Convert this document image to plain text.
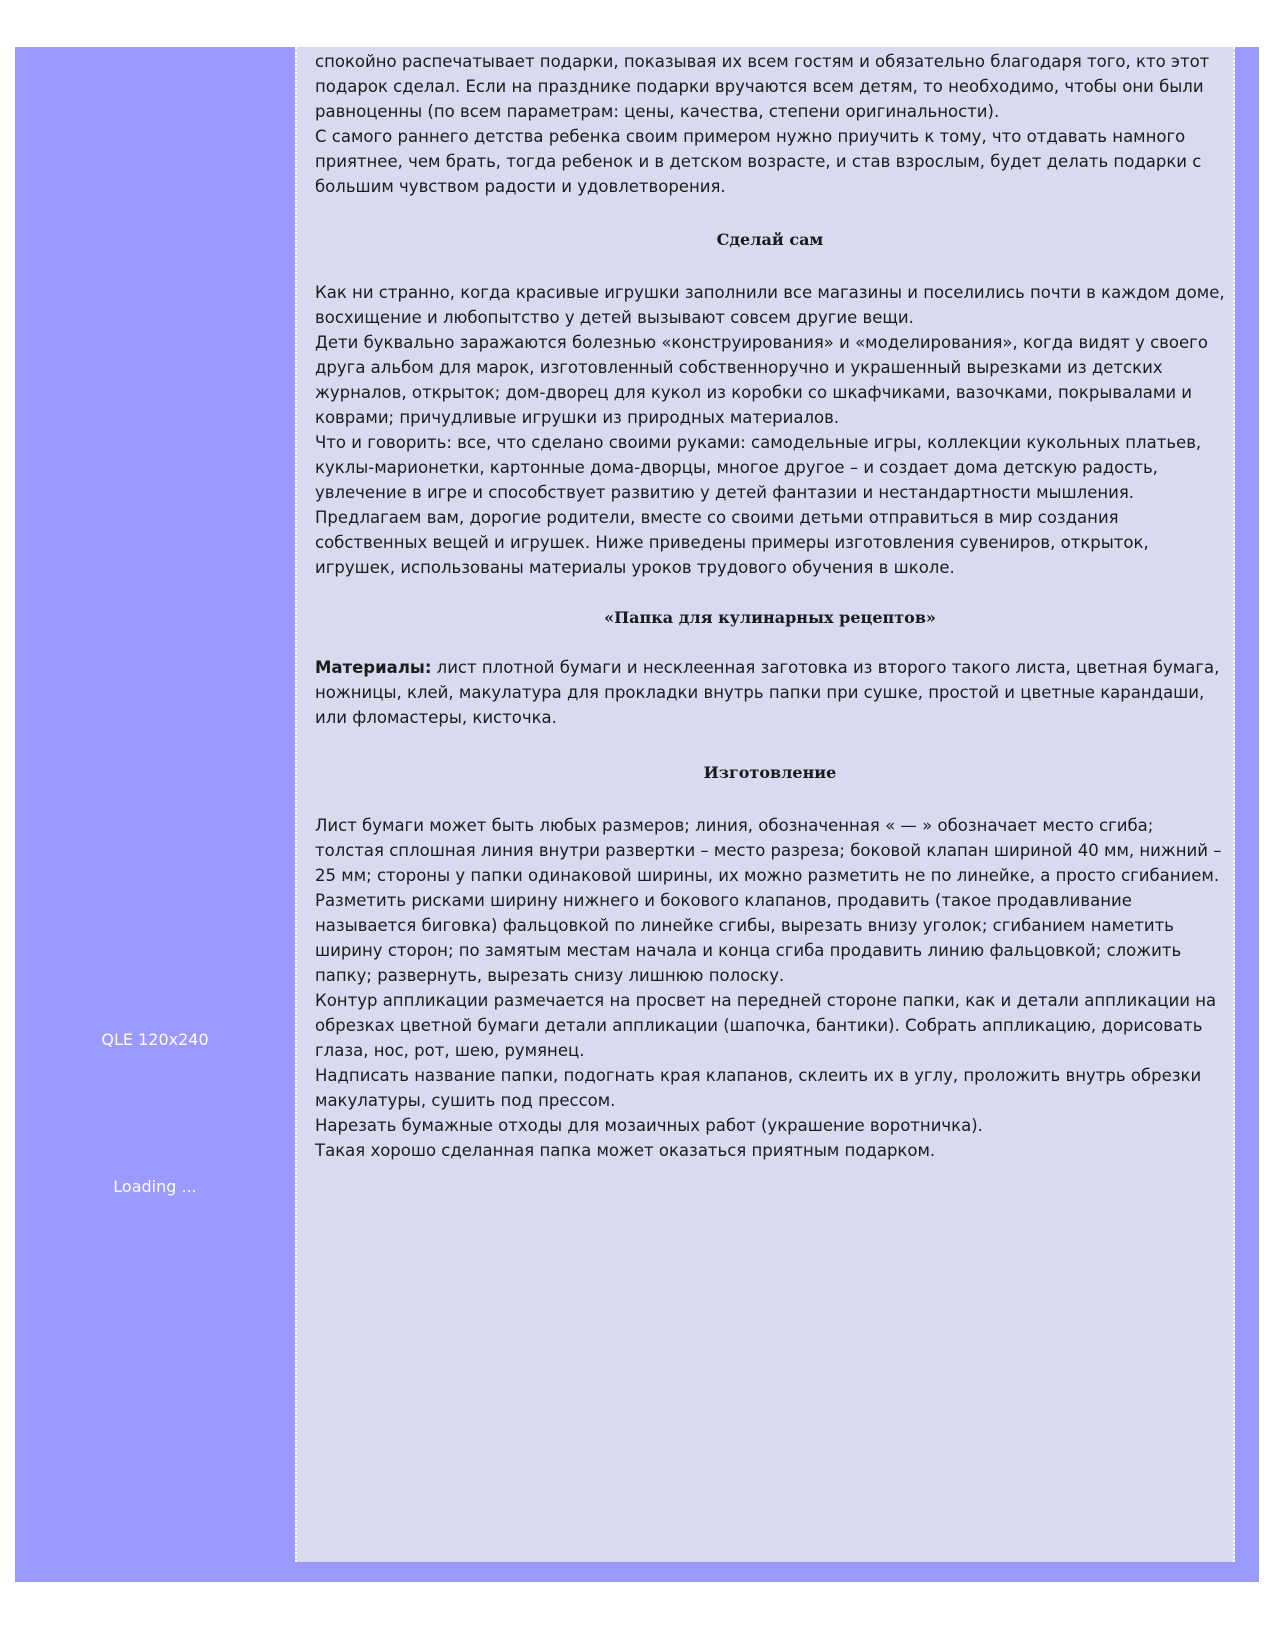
QLE 120x240
Loading ...

спокойно распечатывает подарки, показывая их всем гостям и обязательно благодаря того, кто этот подарок сделал. Если на празднике подарки вручаются всем детям, то необходимо, чтобы они были равноценны (по всем параметрам: цены, качества, степени оригинальности).

С самого раннего детства ребенка своим примером нужно приучить к тому, что отдавать намного приятнее, чем брать, тогда ребенок и в детском возрасте, и став взрослым, будет делать подарки с большим чувством радости и удовлетворения.

Сделай сам

Как ни странно, когда красивые игрушки заполнили все магазины и поселились почти в каждом доме, восхищение и любопытство у детей вызывают совсем другие вещи.

Дети буквально заражаются болезнью «конструирования» и «моделирования», когда видят у своего друга альбом для марок, изготовленный собственноручно и украшенный вырезками из детских журналов, открыток; дом-дворец для кукол из коробки со шкафчиками, вазочками, покрывалами и коврами; причудливые игрушки из природных материалов.

Что и говорить: все, что сделано своими руками: самодельные игры, коллекции кукольных платьев, куклы-марионетки, картонные дома-дворцы, многое другое – и создает дома детскую радость, увлечение в игре и способствует развитию у детей фантазии и нестандартности мышления.

Предлагаем вам, дорогие родители, вместе со своими детьми отправиться в мир создания собственных вещей и игрушек. Ниже приведены примеры изготовления сувениров, открыток, игрушек, использованы материалы уроков трудового обучения в школе.

«Папка для кулинарных рецептов»

Материалы: лист плотной бумаги и несклеенная заготовка из второго такого листа, цветная бумага, ножницы, клей, макулатура для прокладки внутрь папки при сушке, простой и цветные карандаши, или фломастеры, кисточка.

Изготовление

Лист бумаги может быть любых размеров; линия, обозначенная « — » обозначает место сгиба; толстая сплошная линия внутри развертки – место разреза; боковой клапан шириной 40 мм, нижний – 25 мм; стороны у папки одинаковой ширины, их можно разметить не по линейке, а просто сгибанием. Разметить рисками ширину нижнего и бокового клапанов, продавить (такое продавливание называется биговка) фальцовкой по линейке сгибы, вырезать внизу уголок; сгибанием наметить ширину сторон; по замятым местам начала и конца сгиба продавить линию фальцовкой; сложить папку; развернуть, вырезать снизу лишнюю полоску.

Контур аппликации размечается на просвет на передней стороне папки, как и детали аппликации на обрезках цветной бумаги детали аппликации (шапочка, бантики). Собрать аппликацию, дорисовать глаза, нос, рот, шею, румянец.

Надписать название папки, подогнать края клапанов, склеить их в углу, проложить внутрь обрезки макулатуры, сушить под прессом.

Нарезать бумажные отходы для мозаичных работ (украшение воротничка).

Такая хорошо сделанная папка может оказаться приятным подарком.
